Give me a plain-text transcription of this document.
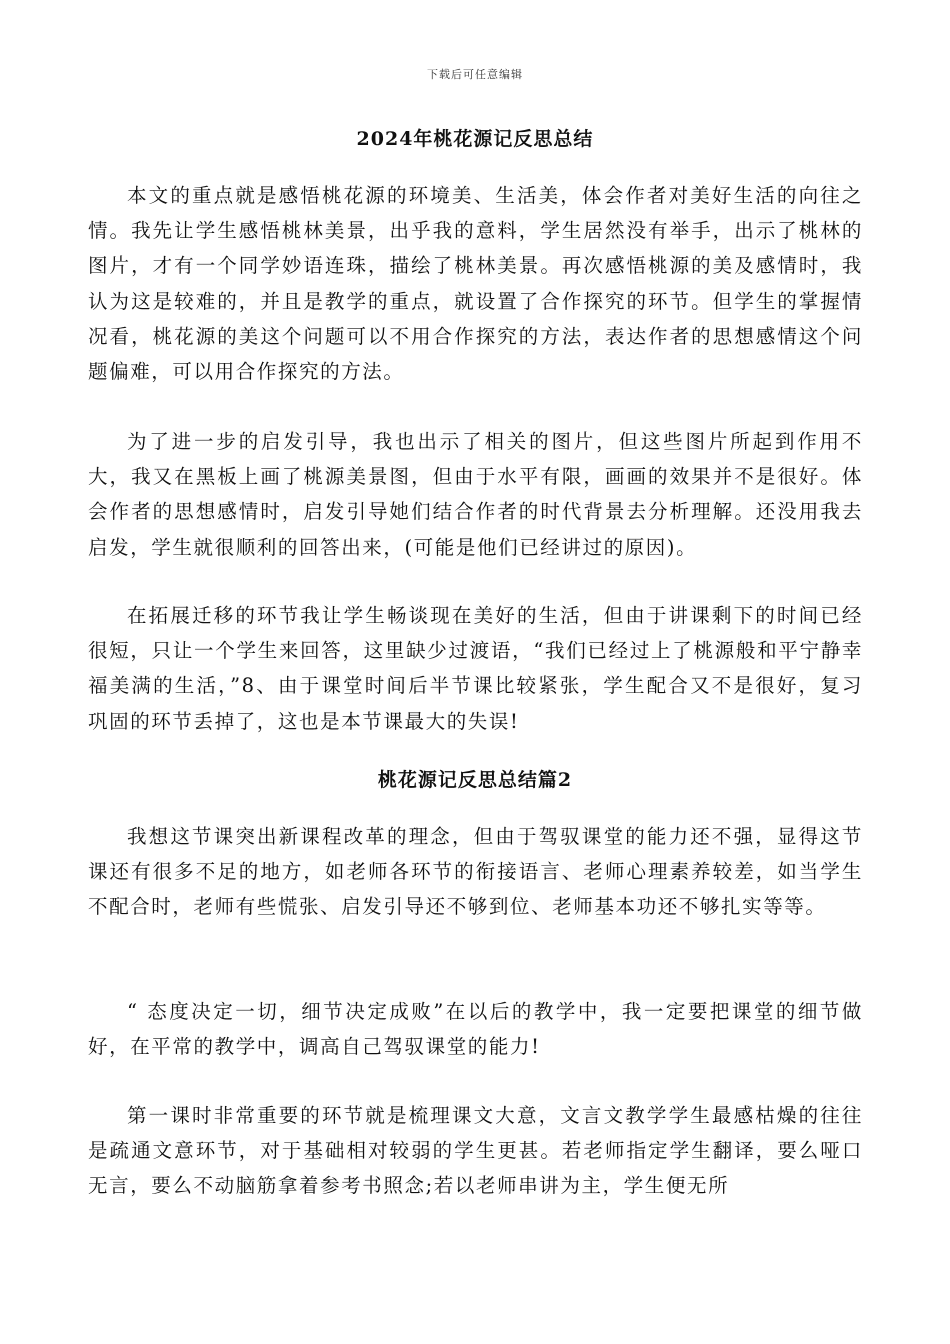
下载后可任意编辑
2024年桃花源记反思总结

本文的重点就是感悟桃花源的环境美、生活美，体会作者对美好生活的向往之情。我先让学生感悟桃林美景，出乎我的意料，学生居然没有举手，出示了桃林的图片，才有一个同学妙语连珠，描绘了桃林美景。再次感悟桃源的美及感情时，我认为这是较难的，并且是教学的重点，就设置了合作探究的环节。但学生的掌握情况看，桃花源的美这个问题可以不用合作探究的方法，表达作者的思想感情这个问题偏难，可以用合作探究的方法。

为了进一步的启发引导，我也出示了相关的图片，但这些图片所起到作用不大，我又在黑板上画了桃源美景图，但由于水平有限，画画的效果并不是很好。体会作者的思想感情时，启发引导她们结合作者的时代背景去分析理解。还没用我去启发，学生就很顺利的回答出来，(可能是他们已经讲过的原因)。

在拓展迁移的环节我让学生畅谈现在美好的生活，但由于讲课剩下的时间已经很短，只让一个学生来回答，这里缺少过渡语，“我们已经过上了桃源般和平宁静幸福美满的生活，”8、由于课堂时间后半节课比较紧张，学生配合又不是很好，复习巩固的环节丢掉了，这也是本节课最大的失误!

桃花源记反思总结篇2

我想这节课突出新课程改革的理念，但由于驾驭课堂的能力还不强，显得这节课还有很多不足的地方，如老师各环节的衔接语言、老师心理素养较差，如当学生不配合时，老师有些慌张、启发引导还不够到位、老师基本功还不够扎实等等。

“ 态度决定一切，细节决定成败”在以后的教学中，我一定要把课堂的细节做好，在平常的教学中，调高自己驾驭课堂的能力!

第一课时非常重要的环节就是梳理课文大意，文言文教学学生最感枯燥的往往是疏通文意环节，对于基础相对较弱的学生更甚。若老师指定学生翻译，要么哑口无言，要么不动脑筋拿着参考书照念;若以老师串讲为主，学生便无所
